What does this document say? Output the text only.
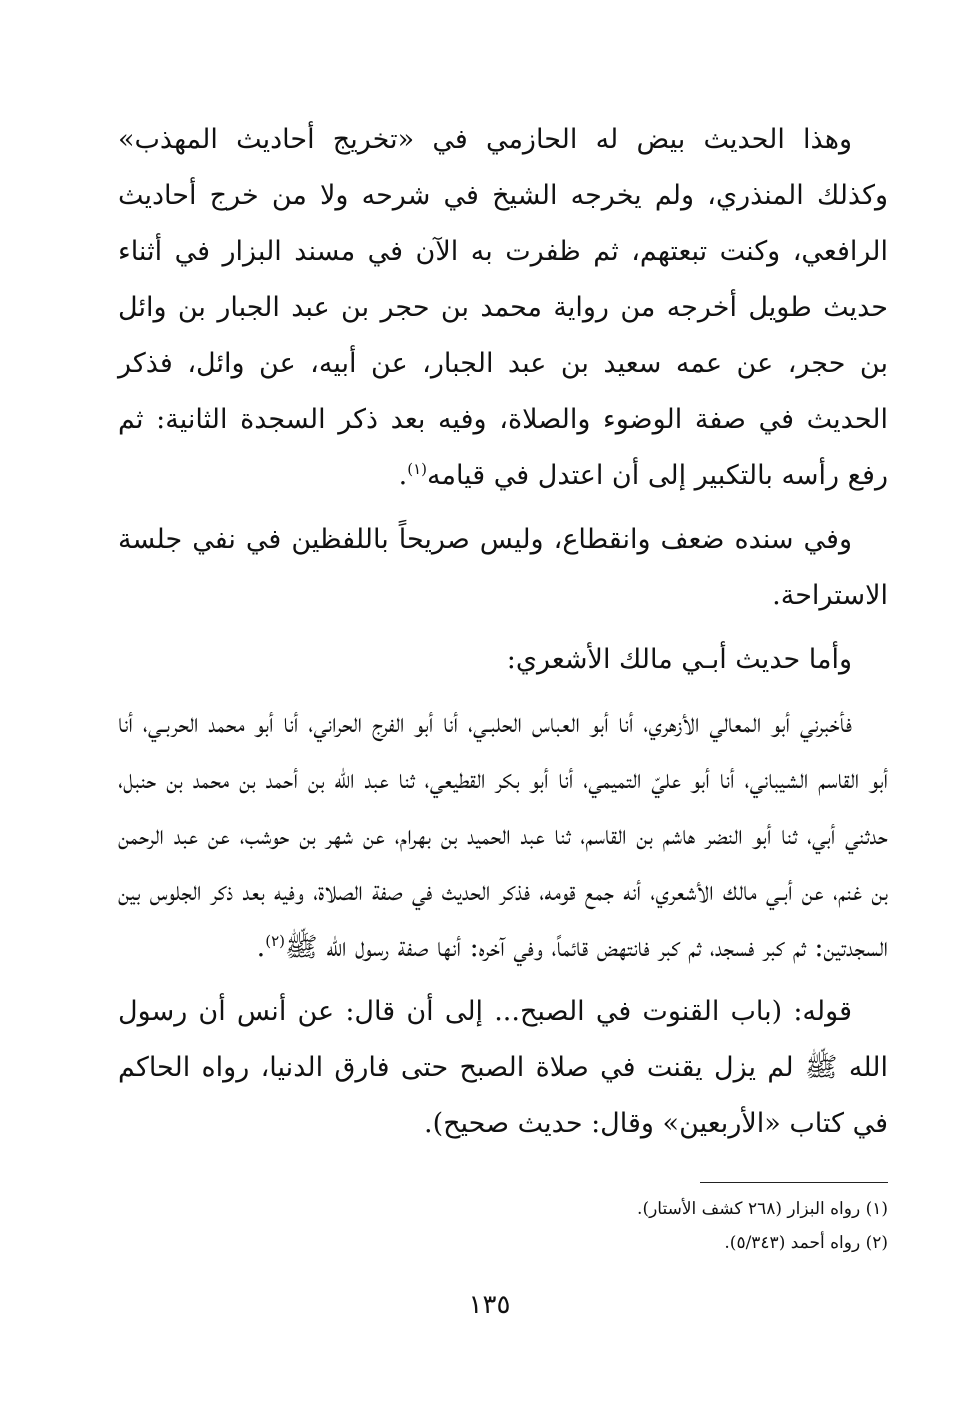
وهذا الحديث بيض له الحازمي في «تخريج أحاديث المهذب» وكذلك المنذري، ولم يخرجه الشيخ في شرحه ولا من خرج أحاديث الرافعي، وكنت تبعتهم، ثم ظفرت به الآن في مسند البزار في أثناء حديث طويل أخرجه من رواية محمد بن حجر بن عبد الجبار بن وائل بن حجر، عن عمه سعيد بن عبد الجبار، عن أبيه، عن وائل، فذكر الحديث في صفة الوضوء والصلاة، وفيه بعد ذكر السجدة الثانية: ثم رفع رأسه بالتكبير إلى أن اعتدل في قيامه$^{(١)}$.

وفي سنده ضعف وانقطاع، وليس صريحاً باللفظين في نفي جلسة الاستراحة.

وأما حديث أبـي مالك الأشعري:

فأخبرني أبو المعالي الأزهري، أنا أبو العباس الحلبـي، أنا أبو الفرج الحراني، أنا أبو محمد الحربـي، أنا أبو القاسم الشيباني، أنا أبو عليّ التميمي، أنا أبو بكر القطيعي، ثنا عبد الله بن أحمد بن محمد بن حنبل، حدثني أبي، ثنا أبو النضر هاشم بن القاسم، ثنا عبد الحميد بن بهرام، عن شهر بن حوشب، عن عبد الرحمن بن غنم، عن أبـي مالك الأشعري، أنه جمع قومه، فذكر الحديث في صفة الصلاة، وفيه بعد ذكر الجلوس بين السجدتين: ثم كبر فسجد، ثم كبر فانتهض قائماً، وفي آخره: أنها صفة رسول الله ﷺ$^{(٢)}$.

قوله: (باب القنوت في الصبح... إلى أن قال: عن أنس أن رسول الله ﷺ لم يزل يقنت في صلاة الصبح حتى فارق الدنيا، رواه الحاكم في كتاب «الأربعين» وقال: حديث صحيح).

(١) رواه البزار (٢٦٨ كشف الأستار).

(٢) رواه أحمد (٥/٣٤٣).

١٣٥
